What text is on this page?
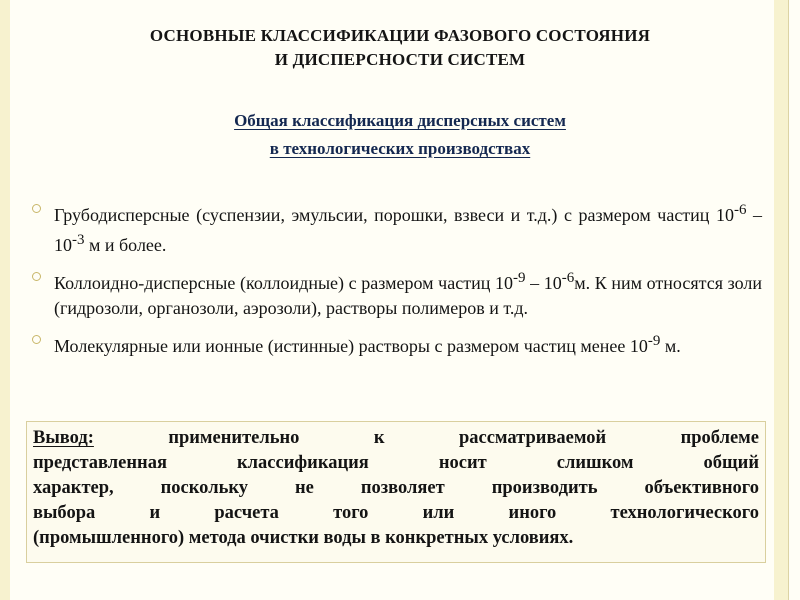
ОСНОВНЫЕ КЛАССИФИКАЦИИ ФАЗОВОГО СОСТОЯНИЯ
И ДИСПЕРСНОСТИ СИСТЕМ
Общая классификация дисперсных систем
в технологических производствах
Грубодисперсные (суспензии, эмульсии, порошки, взвеси и т.д.) с размером частиц $10^{-6} - 10^{-3}$ м и более.
Коллоидно-дисперсные (коллоидные) с размером частиц $10^{-9} - 10^{-6}м$. К ним относятся золи (гидрозоли, органозоли, аэрозоли), растворы полимеров и т.д.
Молекулярные или ионные (истинные) растворы с размером частиц менее $10^{-9}$ м.

Вывод: применительно к рассматриваемой проблеме

представленная классификация носит слишком общий

характер, поскольку не позволяет производить объективного

выбора и расчета того или иного технологического

(промышленного) метода очистки воды в конкретных условиях.
